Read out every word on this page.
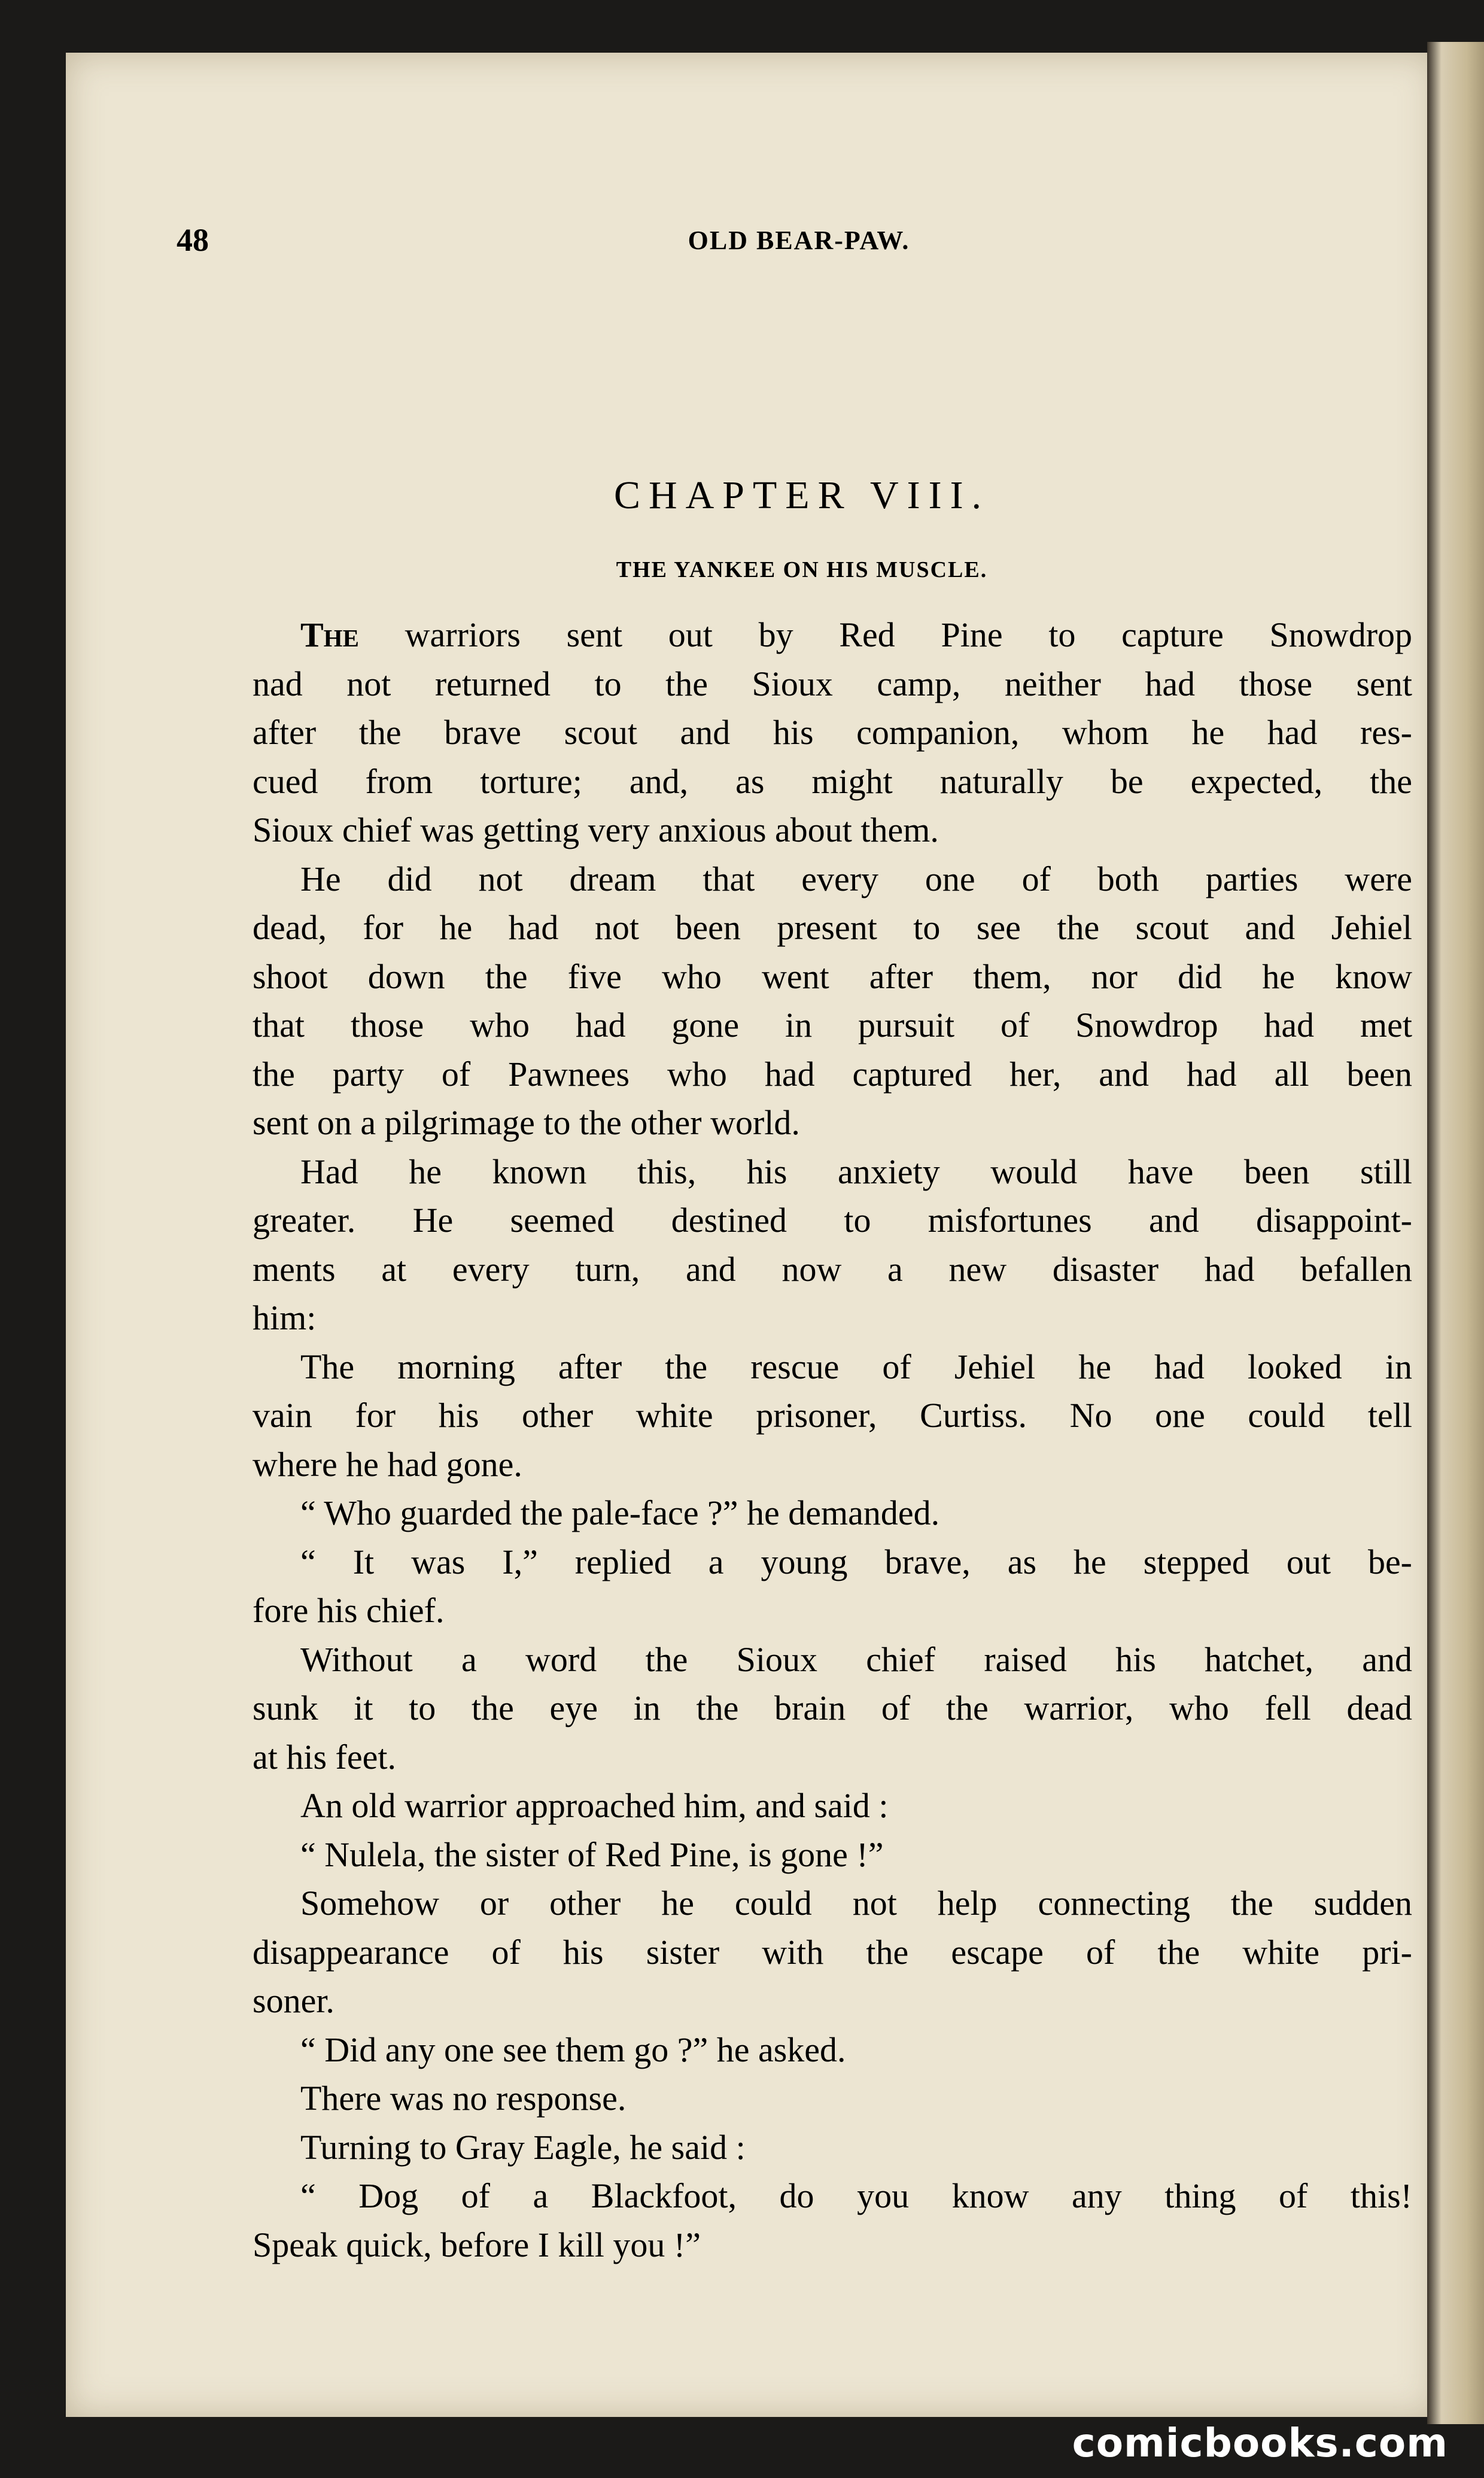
48	OLD BEAR-PAW.
CHAPTER VIII.
THE YANKEE ON HIS MUSCLE.
The warriors sent out by Red Pine to capture Snowdrop
nad not returned to the Sioux camp, neither had those sent
after the brave scout and his companion, whom he had res-
cued from torture; and, as might naturally be expected, the
Sioux chief was getting very anxious about them.
He did not dream that every one of both parties were
dead, for he had not been present to see the scout and Jehiel
shoot down the five who went after them, nor did he know
that those who had gone in pursuit of Snowdrop had met
the party of Pawnees who had captured her, and had all been
sent on a pilgrimage to the other world.
Had he known this, his anxiety would have been still
greater. He seemed destined to misfortunes and disappoint-
ments at every turn, and now a new disaster had befallen
him:
The morning after the rescue of Jehiel he had looked in
vain for his other white prisoner, Curtiss. No one could tell
where he had gone.
“ Who guarded the pale-face ?” he demanded.
“ It was I,” replied a young brave, as he stepped out be-
fore his chief.
Without a word the Sioux chief raised his hatchet, and
sunk it to the eye in the brain of the warrior, who fell dead
at his feet.
An old warrior approached him, and said :
“ Nulela, the sister of Red Pine, is gone !”
Somehow or other he could not help connecting the sudden
disappearance of his sister with the escape of the white pri-
soner.
“ Did any one see them go ?” he asked.
There was no response.
Turning to Gray Eagle, he said :
“ Dog of a Blackfoot, do you know any thing of this!
Speak quick, before I kill you !”
comicbooks.com
